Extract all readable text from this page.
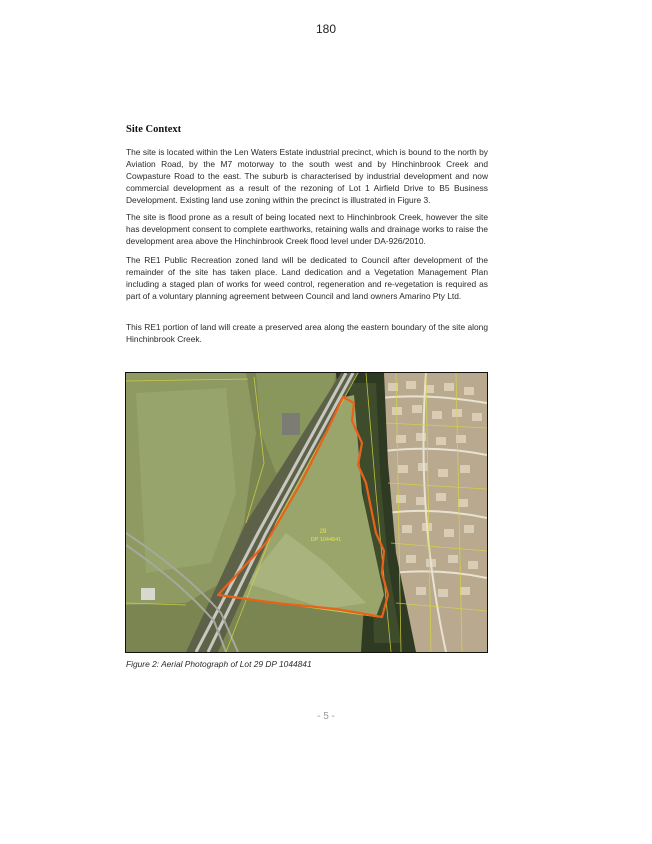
180
Site Context

The site is located within the Len Waters Estate industrial precinct, which is bound to the north by Aviation Road, by the M7 motorway to the south west and by Hinchinbrook Creek and Cowpasture Road to the east. The suburb is characterised by industrial development and now commercial development as a result of the rezoning of Lot 1 Airfield Drive to B5 Business Development. Existing land use zoning within the precinct is illustrated in Figure 3.

The site is flood prone as a result of being located next to Hinchinbrook Creek, however the site has development consent to complete earthworks, retaining walls and drainage works to raise the development area above the Hinchinbrook Creek flood level under DA-926/2010.

The RE1 Public Recreation zoned land will be dedicated to Council after development of the remainder of the site has taken place. Land dedication and a Vegetation Management Plan including a staged plan of works for weed control, regeneration and re-vegetation is required as part of a voluntary planning agreement between Council and land owners Amarino Pty Ltd.

This RE1 portion of land will create a preserved area along the eastern boundary of the site along Hinchinbrook Creek.

29
DP 1044841
Figure 2: Aerial Photograph of Lot 29 DP 1044841
- 5 -
